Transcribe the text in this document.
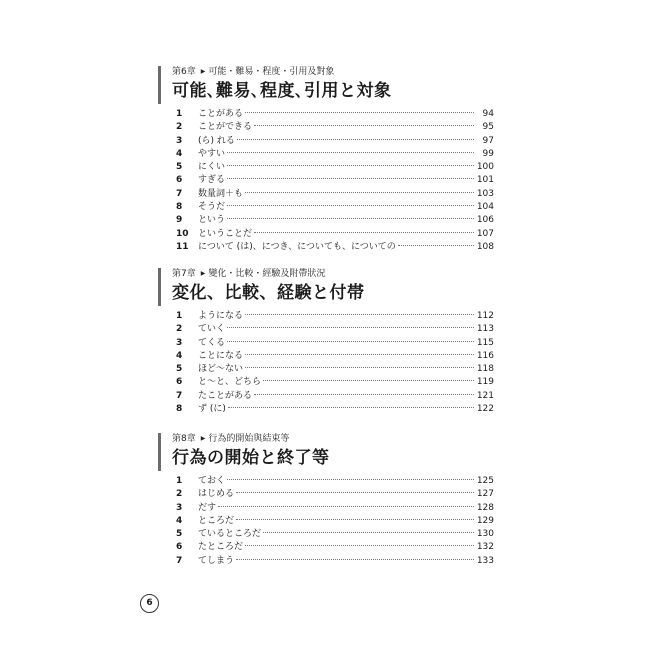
第6章 ▶ 可能・難易・程度・引用及對象
可能､難易､程度､引用と対象
1	ことがある	94
2	ことができる	95
3	(ら) れる	97
4	やすい	99
5	にくい	100
6	すぎる	101
7	数量詞＋も	103
8	そうだ	104
9	という	106
10	ということだ	107
11	について (は)、につき、についても、についての	108
第7章 ▶ 變化・比較・經驗及附帶狀況
変化、比較、経験と付帯
1	ようになる	112
2	ていく	113
3	てくる	115
4	ことになる	116
5	ほど〜ない	118
6	と〜と、どちら	119
7	たことがある	121
8	ず (に)	122
第8章 ▶ 行為的開始與結束等
行為の開始と終了等
1	ておく	125
2	はじめる	127
3	だす	128
4	ところだ	129
5	ているところだ	130
6	たところだ	132
7	てしまう	133
6
